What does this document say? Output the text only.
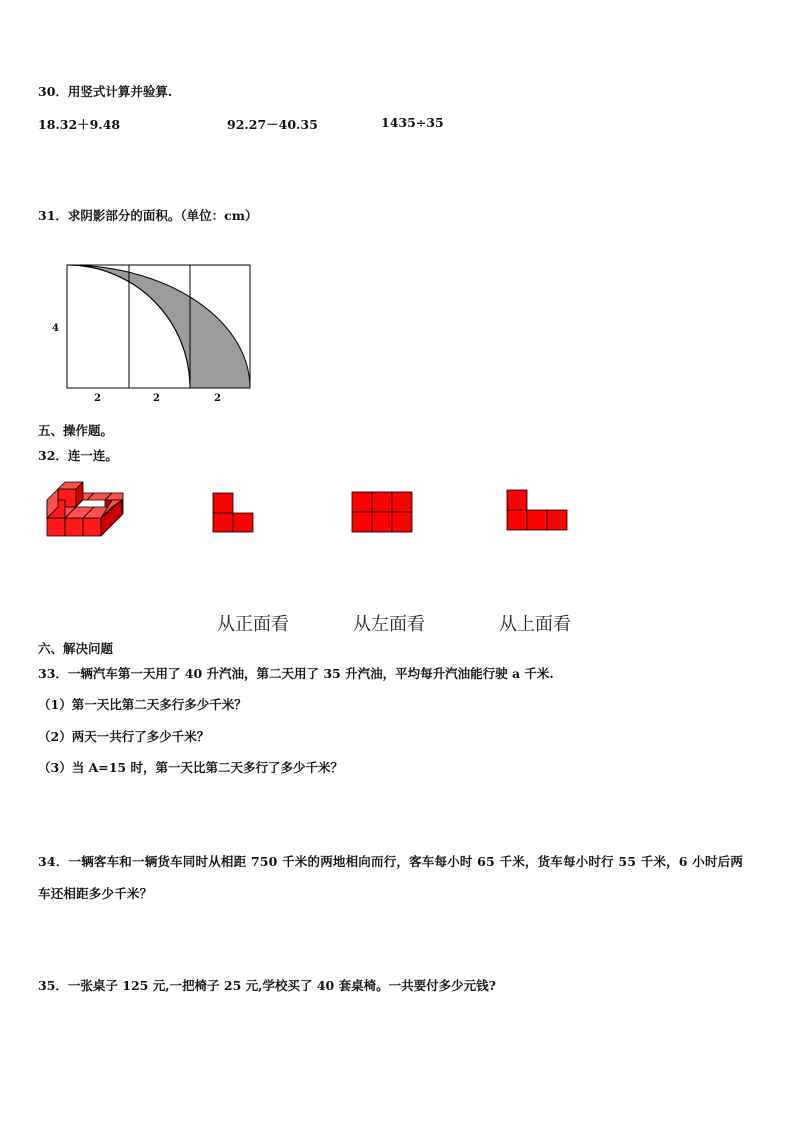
30．用竖式计算并验算.
18.32＋9.48	92.27－40.35	1435÷35
31．求阴影部分的面积。（单位：cm）
4
2	2	2
五、操作题。
32．连一连。
从正面看	从左面看	从上面看
六、解决问题
33．一辆汽车第一天用了 40 升汽油，第二天用了 35 升汽油，平均每升汽油能行驶 a 千米.
（1）第一天比第二天多行多少千米？
（2）两天一共行了多少千米？
（3）当 A=15 时，第一天比第二天多行了多少千米？
34．一辆客车和一辆货车同时从相距 750 千米的两地相向而行，客车每小时 65 千米，货车每小时行 55 千米，6 小时后两车还相距多少千米？
35．一张桌子 125 元,一把椅子 25 元,学校买了 40 套桌椅。一共要付多少元钱?
